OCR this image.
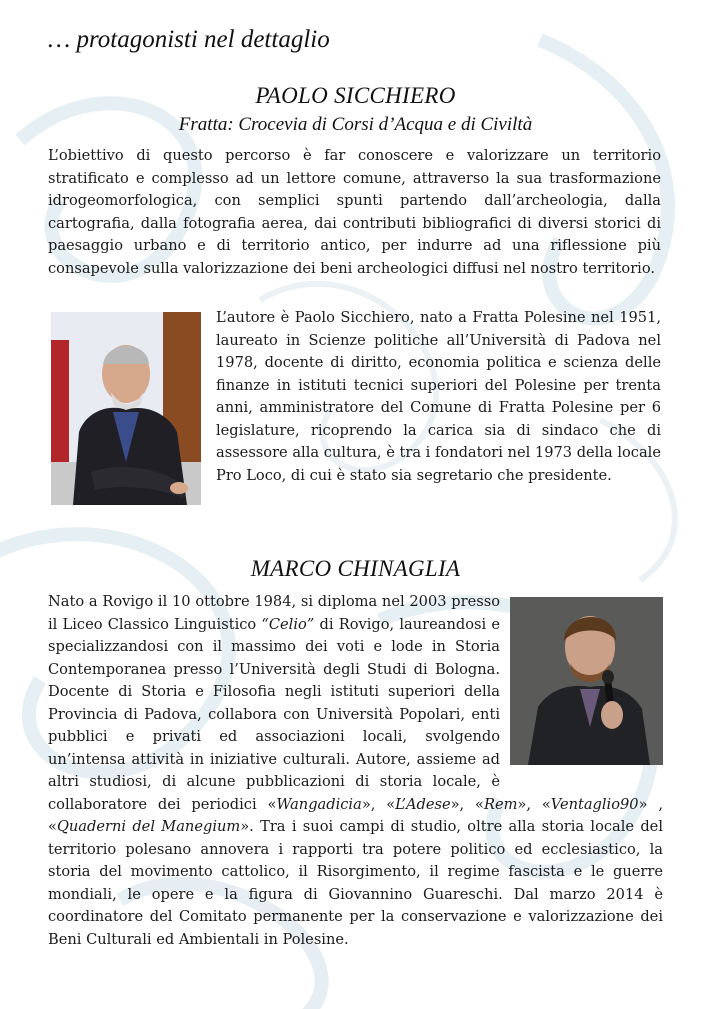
… protagonisti nel dettaglio
PAOLO SICCHIERO
Fratta: Crocevia di Corsi d’Acqua e di Civiltà

L’obiettivo di questo percorso è far conoscere e valorizzare un territorio stratificato e complesso ad un lettore comune, attraverso la sua trasformazione idrogeomorfologica, con semplici spunti partendo dall’archeologia, dalla cartografia, dalla fotografia aerea, dai contributi bibliografici di diversi storici di paesaggio urbano e di territorio antico, per indurre ad una riflessione più consapevole sulla valorizzazione dei beni archeologici diffusi nel nostro territorio.

L’autore è Paolo Sicchiero, nato a Fratta Polesine nel 1951, laureato in Scienze politiche all’Università di Padova nel 1978, docente di diritto, economia politica e scienza delle finanze in istituti tecnici superiori del Polesine per trenta anni, amministratore del Comune di Fratta Polesine per 6 legislature, ricoprendo la carica sia di sindaco che di assessore alla cultura, è tra i fondatori nel 1973 della locale Pro Loco, di cui è stato sia segretario che presidente.

MARCO CHINAGLIA

Nato a Rovigo il 10 ottobre 1984, si diploma nel 2003 presso il Liceo Classico Linguistico “Celio” di Rovigo, laureandosi e specializzandosi con il massimo dei voti e lode in Storia Contemporanea presso l’Università degli Studi di Bologna. Docente di Storia e Filosofia negli istituti superiori della Provincia di Padova, collabora con Università Popolari, enti pubblici e privati ed associazioni locali, svolgendo un’intensa attività in iniziative culturali. Autore, assieme ad altri studiosi, di alcune pubblicazioni di storia locale, è collaboratore dei periodici «Wangadicia», «L’Adese», «Rem», «Ventaglio90» , «Quaderni del Manegium». Tra i suoi campi di studio, oltre alla storia locale del territorio polesano annovera i rapporti tra potere politico ed ecclesiastico, la storia del movimento cattolico, il Risorgimento, il regime fascista e le guerre mondiali, le opere e la figura di Giovannino Guareschi. Dal marzo 2014 è coordinatore del Comitato permanente per la conservazione e valorizzazione dei Beni Culturali ed Ambientali in Polesine.
